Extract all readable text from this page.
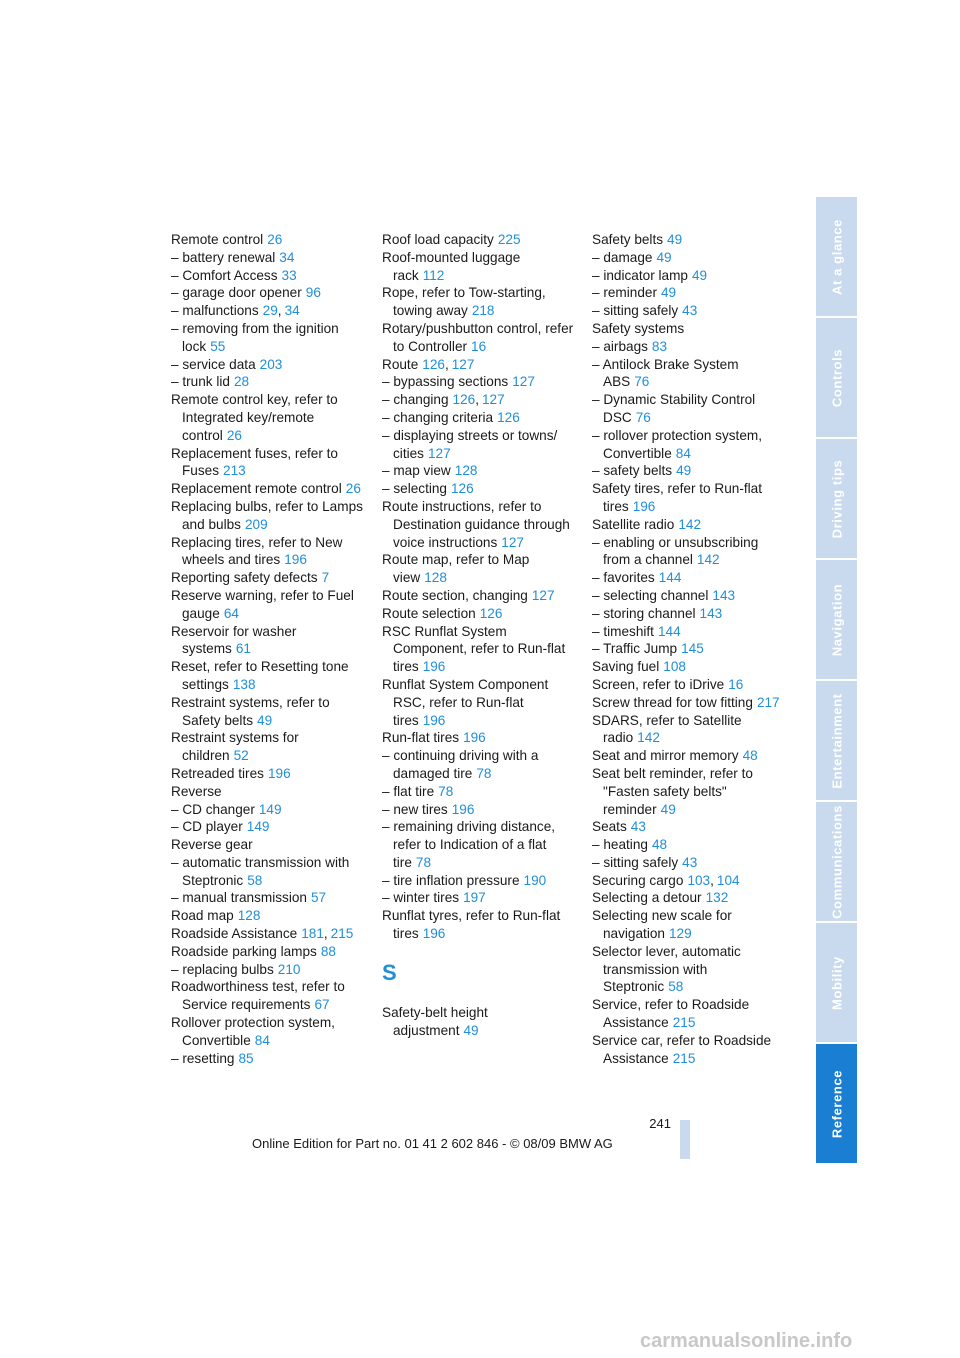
Remote control 26
– battery renewal 34
– Comfort Access 33
– garage door opener 96
– malfunctions 29, 34
– removing from the ignition lock 55
– service data 203
– trunk lid 28
Remote control key, refer to Integrated key/remote control 26
Replacement fuses, refer to Fuses 213
Replacement remote control 26
Replacing bulbs, refer to Lamps and bulbs 209
Replacing tires, refer to New wheels and tires 196
Reporting safety defects 7
Reserve warning, refer to Fuel gauge 64
Reservoir for washer systems 61
Reset, refer to Resetting tone settings 138
Restraint systems, refer to Safety belts 49
Restraint systems for children 52
Retreaded tires 196
Reverse
– CD changer 149
– CD player 149
Reverse gear
– automatic transmission with Steptronic 58
– manual transmission 57
Road map 128
Roadside Assistance 181, 215
Roadside parking lamps 88
– replacing bulbs 210
Roadworthiness test, refer to Service requirements 67
Rollover protection system, Convertible 84
– resetting 85
Roof load capacity 225
Roof-mounted luggage rack 112
Rope, refer to Tow-starting, towing away 218
Rotary/pushbutton control, refer to Controller 16
Route 126, 127
– bypassing sections 127
– changing 126, 127
– changing criteria 126
– displaying streets or towns/ cities 127
– map view 128
– selecting 126
Route instructions, refer to Destination guidance through voice instructions 127
Route map, refer to Map view 128
Route section, changing 127
Route selection 126
RSC Runflat System Component, refer to Run-flat tires 196
Runflat System Component RSC, refer to Run-flat tires 196
Run-flat tires 196
– continuing driving with a damaged tire 78
– flat tire 78
– new tires 196
– remaining driving distance, refer to Indication of a flat tire 78
– tire inflation pressure 190
– winter tires 197
Runflat tyres, refer to Run-flat tires 196
S
Safety-belt height adjustment 49
Safety belts 49
– damage 49
– indicator lamp 49
– reminder 49
– sitting safely 43
Safety systems
– airbags 83
– Antilock Brake System ABS 76
– Dynamic Stability Control DSC 76
– rollover protection system, Convertible 84
– safety belts 49
Safety tires, refer to Run-flat tires 196
Satellite radio 142
– enabling or unsubscribing from a channel 142
– favorites 144
– selecting channel 143
– storing channel 143
– timeshift 144
– Traffic Jump 145
Saving fuel 108
Screen, refer to iDrive 16
Screw thread for tow fitting 217
SDARS, refer to Satellite radio 142
Seat and mirror memory 48
Seat belt reminder, refer to "Fasten safety belts" reminder 49
Seats 43
– heating 48
– sitting safely 43
Securing cargo 103, 104
Selecting a detour 132
Selecting new scale for navigation 129
Selector lever, automatic transmission with Steptronic 58
Service, refer to Roadside Assistance 215
Service car, refer to Roadside Assistance 215
At a glance
Controls
Driving tips
Navigation
Entertainment
Communications
Mobility
Reference
241
Online Edition for Part no. 01 41 2 602 846 - © 08/09 BMW AG
carmanualsonline.info
